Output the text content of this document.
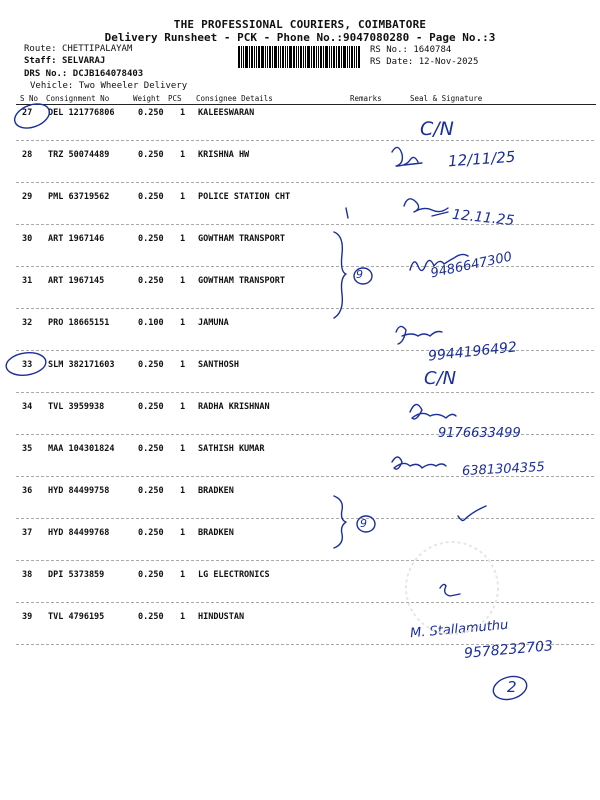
THE PROFESSIONAL COURIERS, COIMBATORE
Delivery Runsheet - PCK - Phone No.:9047080280 - Page No.:3
Route: CHETTIPALAYAM
Staff: SELVARAJ
DRS No.: DCJB164078403
Vehicle: Two Wheeler Delivery
RS No.: 1640784
RS Date: 12-Nov-2025
S No Consignment No	Weight PCS Consignee Details	Remarks	Seal & Signature
27 DEL 121776806	0.250 1 KALEESWARAN
28 TRZ 50074489	0.250 1 KRISHNA HW
29 PML 63719562	0.250 1 POLICE STATION CHT
30 ART 1967146	0.250 1 GOWTHAM TRANSPORT
31 ART 1967145	0.250 1 GOWTHAM TRANSPORT
32 PRO 18665151	0.100 1 JAMUNA
33 SLM 382171603	0.250 1 SANTHOSH
34 TVL 3959938	0.250 1 RADHA KRISHNAN
35 MAA 104301824	0.250 1 SATHISH KUMAR
36 HYD 84499758	0.250 1 BRADKEN
37 HYD 84499768	0.250 1 BRADKEN
38 DPI 5373859	0.250 1 LG ELECTRONICS
39 TVL 4796195	0.250 1 HINDUSTAN
C/N
12/11/25
12.11.25
9486647300
9
9944196492
C/N
9176633499
6381304355
9
M. Stallamuthu
9578232703
2
